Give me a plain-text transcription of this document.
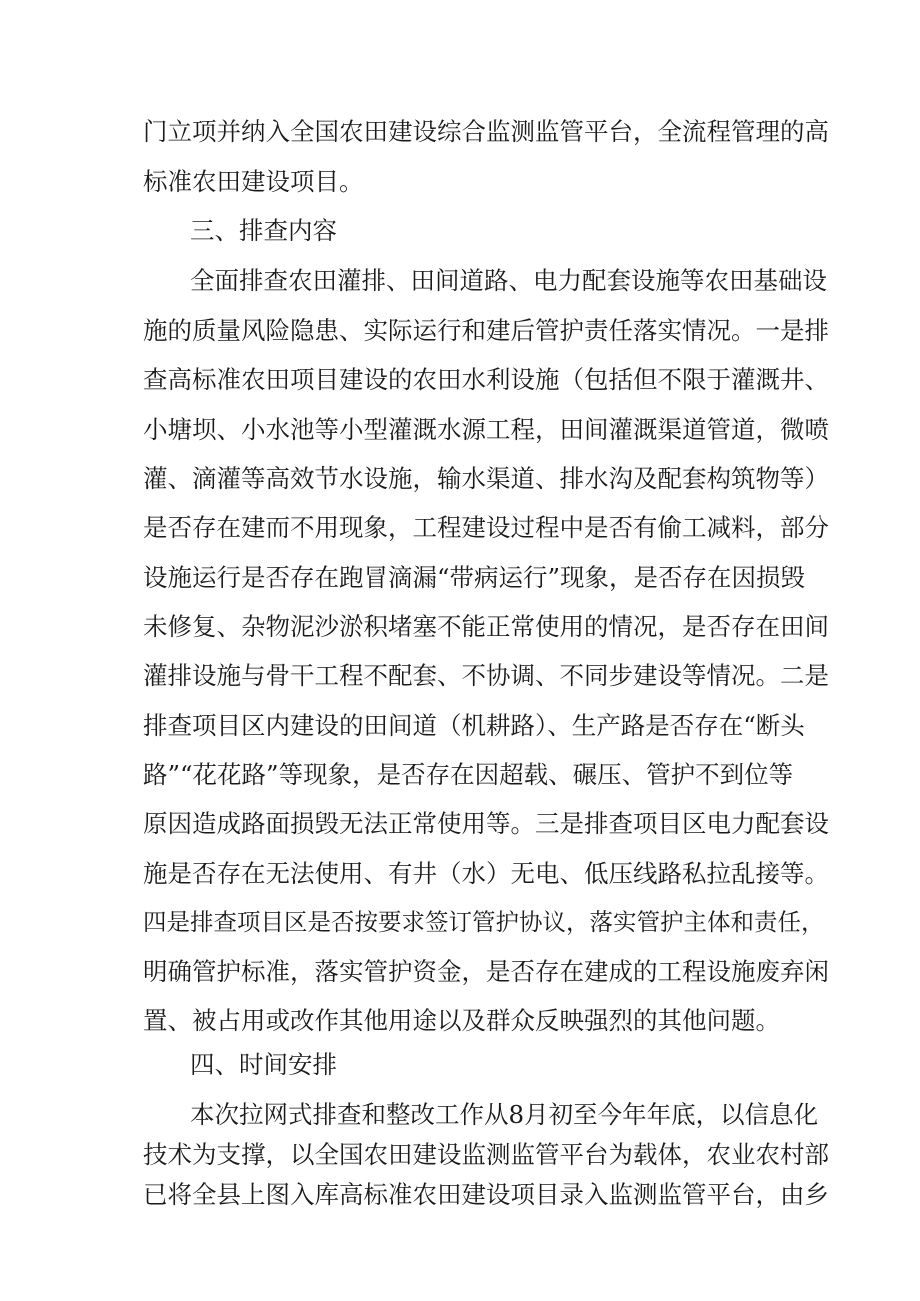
门立项并纳入全国农田建设综合监测监管平台，全流程管理的高
标准农田建设项目。
三、排查内容
全面排查农田灌排、田间道路、电力配套设施等农田基础设
施的质量风险隐患、实际运行和建后管护责任落实情况。一是排
查高标准农田项目建设的农田水利设施（包括但不限于灌溉井、
小塘坝、小水池等小型灌溉水源工程，田间灌溉渠道管道，微喷
灌、滴灌等高效节水设施，输水渠道、排水沟及配套构筑物等）
是否存在建而不用现象，工程建设过程中是否有偷工减料，部分
设施运行是否存在跑冒滴漏“带病运行”现象，是否存在因损毁
未修复、杂物泥沙淤积堵塞不能正常使用的情况，是否存在田间
灌排设施与骨干工程不配套、不协调、不同步建设等情况。二是
排查项目区内建设的田间道（机耕路）、生产路是否存在“断头
路”“花花路”等现象，是否存在因超载、碾压、管护不到位等
原因造成路面损毁无法正常使用等。三是排查项目区电力配套设
施是否存在无法使用、有井（水）无电、低压线路私拉乱接等。
四是排查项目区是否按要求签订管护协议，落实管护主体和责任，
明确管护标准，落实管护资金，是否存在建成的工程设施废弃闲
置、被占用或改作其他用途以及群众反映强烈的其他问题。
四、时间安排
本次拉网式排查和整改工作从8月初至今年年底，以信息化
技术为支撑，以全国农田建设监测监管平台为载体，农业农村部
已将全县上图入库高标准农田建设项目录入监测监管平台，由乡
